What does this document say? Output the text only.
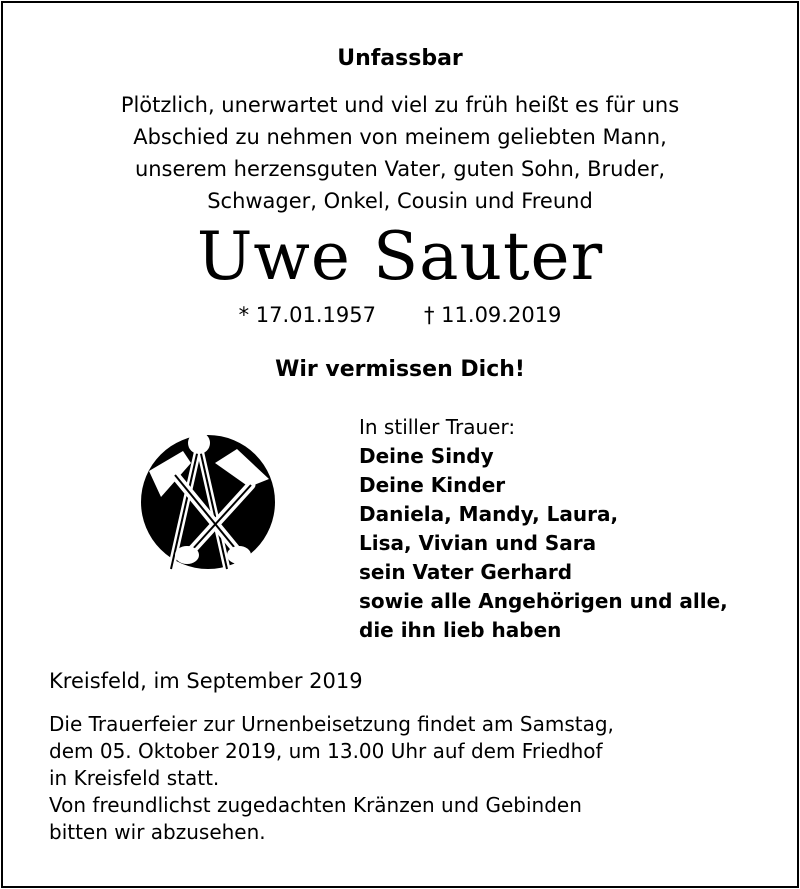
Unfassbar
Plötzlich, unerwartet und viel zu früh heißt es für uns
Abschied zu nehmen von meinem geliebten Mann,
unserem herzensguten Vater, guten Sohn, Bruder,
Schwager, Onkel, Cousin und Freund
Uwe Sauter
* 17.01.1957 † 11.09.2019
Wir vermissen Dich!
In stiller Trauer:
Deine Sindy
Deine Kinder
Daniela, Mandy, Laura,
Lisa, Vivian und Sara
sein Vater Gerhard
sowie alle Angehörigen und alle,
die ihn lieb haben
Kreisfeld, im September 2019
Die Trauerfeier zur Urnenbeisetzung findet am Samstag,
dem 05. Oktober 2019, um 13.00 Uhr auf dem Friedhof
in Kreisfeld statt.
Von freundlichst zugedachten Kränzen und Gebinden
bitten wir abzusehen.
